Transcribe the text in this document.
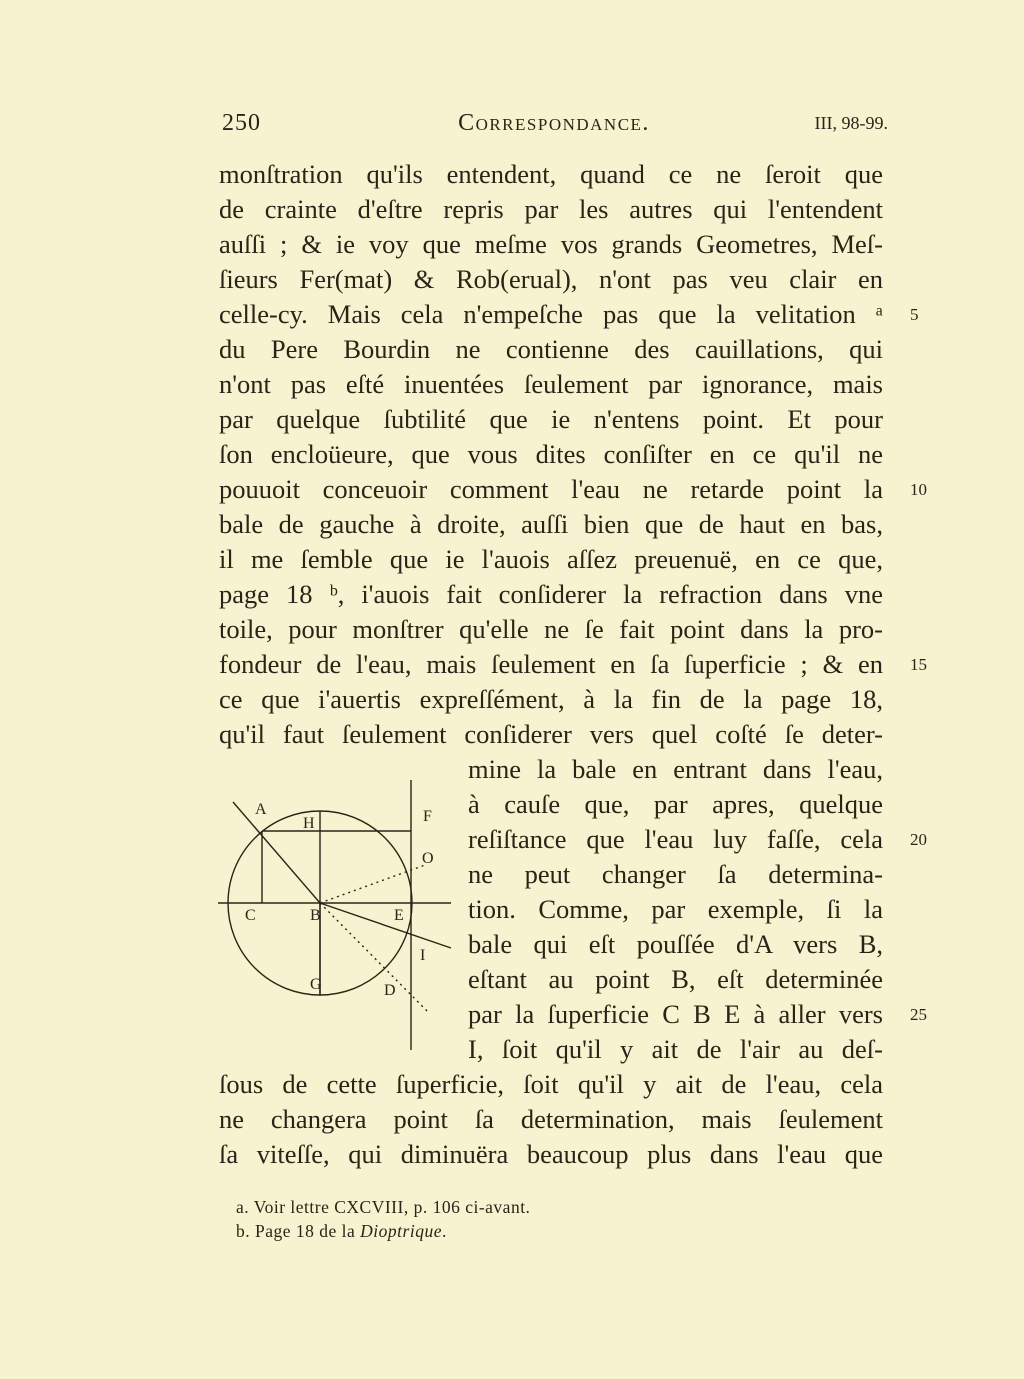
250	Correspondance.	III, 98-99.
monſtration qu'ils entendent, quand ce ne ſeroit que
de crainte d'eſtre repris par les autres qui l'entendent
auſſi ; & ie voy que meſme vos grands Geometres, Meſ-
ſieurs Fer(mat) & Rob(erual), n'ont pas veu clair en
celle-cy. Mais cela n'empeſche pas que la velitation ᵃ
du Pere Bourdin ne contienne des cauillations, qui
n'ont pas eſté inuentées ſeulement par ignorance, mais
par quelque ſubtilité que ie n'entens point. Et pour
ſon encloüeure, que vous dites conſiſter en ce qu'il ne
pouuoit conceuoir comment l'eau ne retarde point la
bale de gauche à droite, auſſi bien que de haut en bas,
il me ſemble que ie l'auois aſſez preuenuë, en ce que,
page 18 ᵇ, i'auois fait conſiderer la refraction dans vne
toile, pour monſtrer qu'elle ne ſe fait point dans la pro-
fondeur de l'eau, mais ſeulement en ſa ſuperficie ; & en
ce que i'auertis expreſſément, à la fin de la page 18,
qu'il faut ſeulement conſiderer vers quel coſté ſe deter-
mine la bale en entrant dans l'eau,
à cauſe que, par apres, quelque
reſiſtance que l'eau luy faſſe, cela
ne peut changer ſa determina-
tion. Comme, par exemple, ſi la
bale qui eſt pouſſée d'A vers B,
eſtant au point B, eſt determinée
par la ſuperficie C B E à aller vers
I, ſoit qu'il y ait de l'air au deſ-
ſous de cette ſuperficie, ſoit qu'il y ait de l'eau, cela
ne changera point ſa determination, mais ſeulement
ſa viteſſe, qui diminuëra beaucoup plus dans l'eau que
5
10
15
20
25
A
H	F
O
C	B	E
I
G	D
a. Voir lettre CXCVIII, p. 106 ci-avant.
b. Page 18 de la Dioptrique.
